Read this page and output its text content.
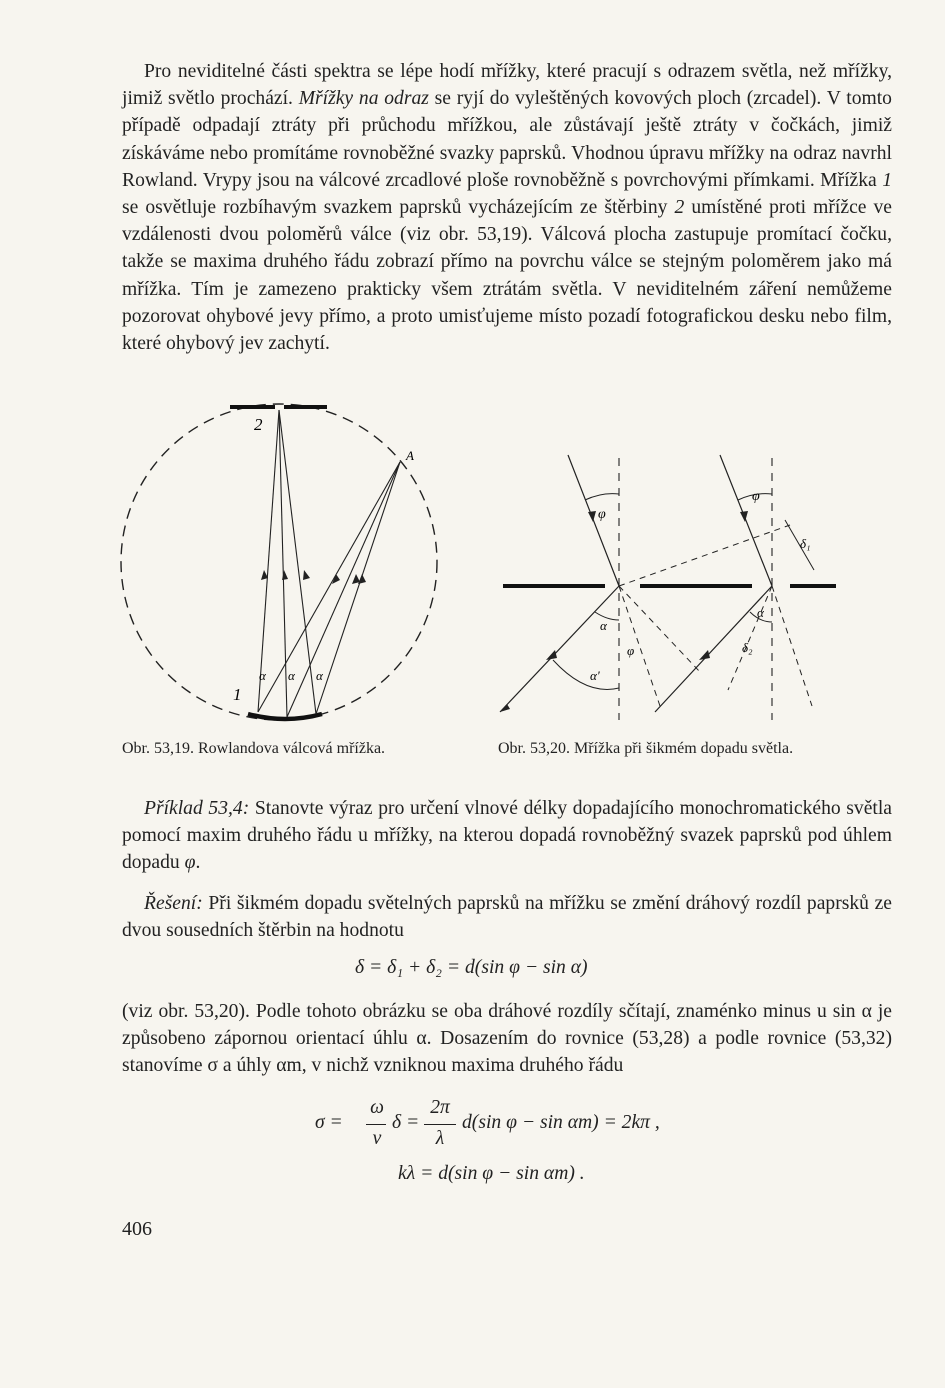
Pro neviditelné části spektra se lépe hodí mřížky, které pracují s odrazem světla, než mřížky, jimiž světlo prochází. Mřížky na odraz se ryjí do vyleštěných kovových ploch (zrcadel). V tomto případě odpadají ztráty při průchodu mřížkou, ale zůstávají ještě ztráty v čočkách, jimiž získáváme nebo promítáme rovnoběžné svazky paprsků. Vhodnou úpravu mřížky na odraz navrhl Rowland. Vrypy jsou na válcové zrcadlové ploše rovnoběžně s povrchovými přímkami. Mřížka 1 se osvětluje rozbíhavým svazkem paprsků vycházejícím ze štěrbiny 2 umístěné proti mřížce ve vzdálenosti dvou poloměrů válce (viz obr. 53,19). Válcová plocha zastupuje promítací čočku, takže se maxima druhého řádu zobrazí přímo na povrchu válce se stejným poloměrem jako má mřížka. Tím je zamezeno prakticky všem ztrátám světla. V neviditelném záření nemůžeme pozorovat ohybové jevy přímo, a proto umisťujeme místo pozadí fotografickou desku nebo film, které ohybový jev zachytí.

2
1
A
α α α
Obr. 53,19. Rowlandova válcová mřížka.
φ
φ
α
φ
α'
α
δ₁
δ₂
Obr. 53,20. Mřížka při šikmém dopadu světla.

Příklad 53,4: Stanovte výraz pro určení vlnové délky dopadajícího monochromatického světla pomocí maxim druhého řádu u mřížky, na kterou dopadá rovnoběžný svazek paprsků pod úhlem dopadu φ.

Řešení: Při šikmém dopadu světelných paprsků na mřížku se změní dráhový rozdíl paprsků ze dvou sousedních štěrbin na hodnotu

δ = δ₁ + δ₂ = d(sin φ − sin α)

(viz obr. 53,20). Podle tohoto obrázku se oba dráhové rozdíly sčítají, znaménko minus u sin α je způsobeno zápornou orientací úhlu α. Dosazením do rovnice (53,28) a podle rovnice (53,32) stanovíme σ a úhly αm, v nichž vzniknou maxima druhého řádu

σ =
ω
v
δ =
2π
λ
d(sin φ − sin αm) = 2kπ ,
kλ = d(sin φ − sin αm) .
406
